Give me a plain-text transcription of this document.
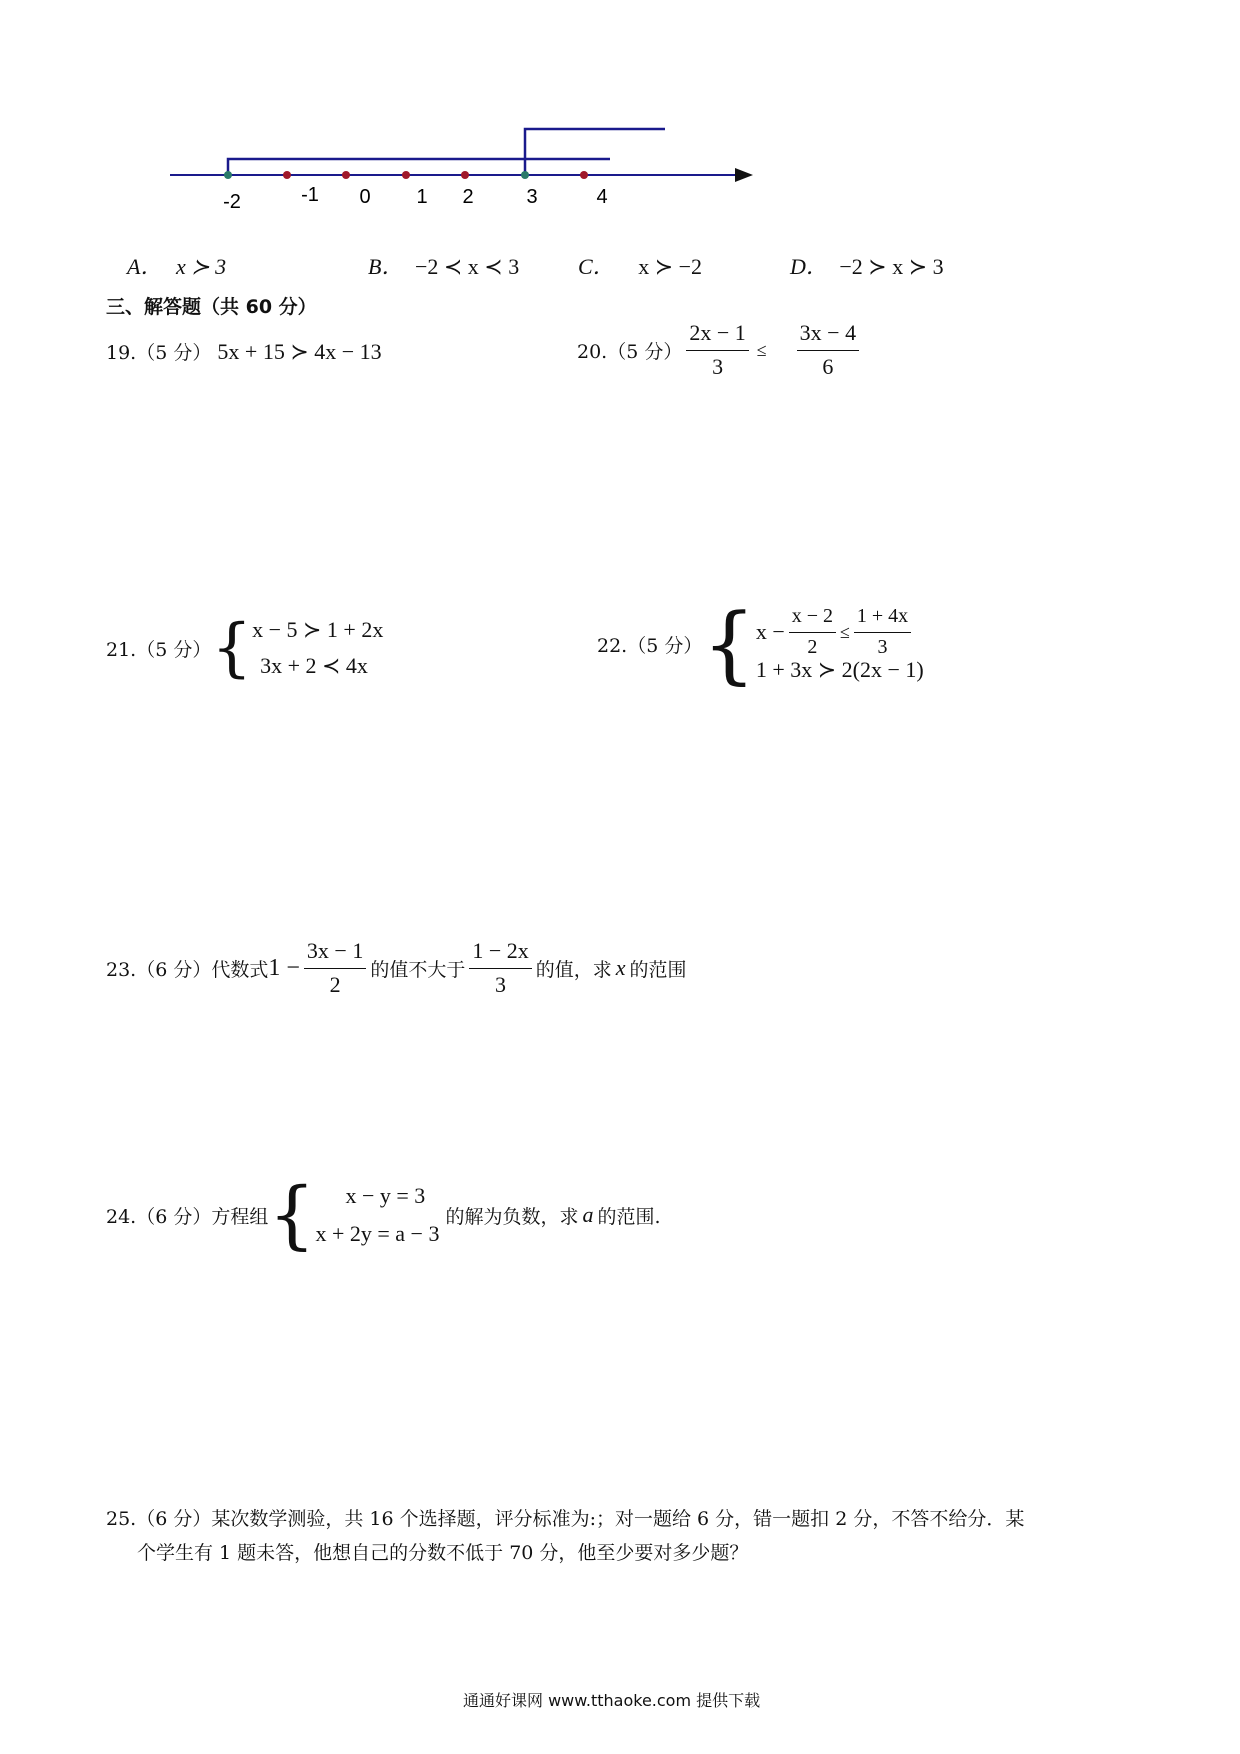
-2	-1 0 1 2	3	4
A． x ≻ 3	B． −2 ≺ x ≺ 3	C． x ≻ −2	D． −2 ≻ x ≻ 3
三、解答题（共 60 分）
19.（5 分） 5x + 15 ≻ 4x − 13	20.（5 分） $\frac{2x - 1}{3} \le \frac{3x - 4}{6}$
21.（5 分） { x − 5 ≻ 1 + 2x
3x + 2 ≺ 4x
22.（5 分） { $x - \frac{x - 2}{2} \le \frac{1 + 4x}{3}$
1 + 3x ≻ 2(2x − 1)
23.（6 分）代数式 $1 - \frac{3x - 1}{2}$ 的值不大于 $\frac{1 - 2x}{3}$ 的值，求 x 的范围
24.（6 分）方程组 { x − y = 3
x + 2y = a − 3
的解为负数，求 a 的范围.
25.（6 分）某次数学测验，共 16 个选择题，评分标准为:；对一题给 6 分，错一题扣 2 分，不答不给分．某
个学生有 1 题未答，他想自己的分数不低于 70 分，他至少要对多少题？
通通好课网 www.tthaoke.com 提供下载
